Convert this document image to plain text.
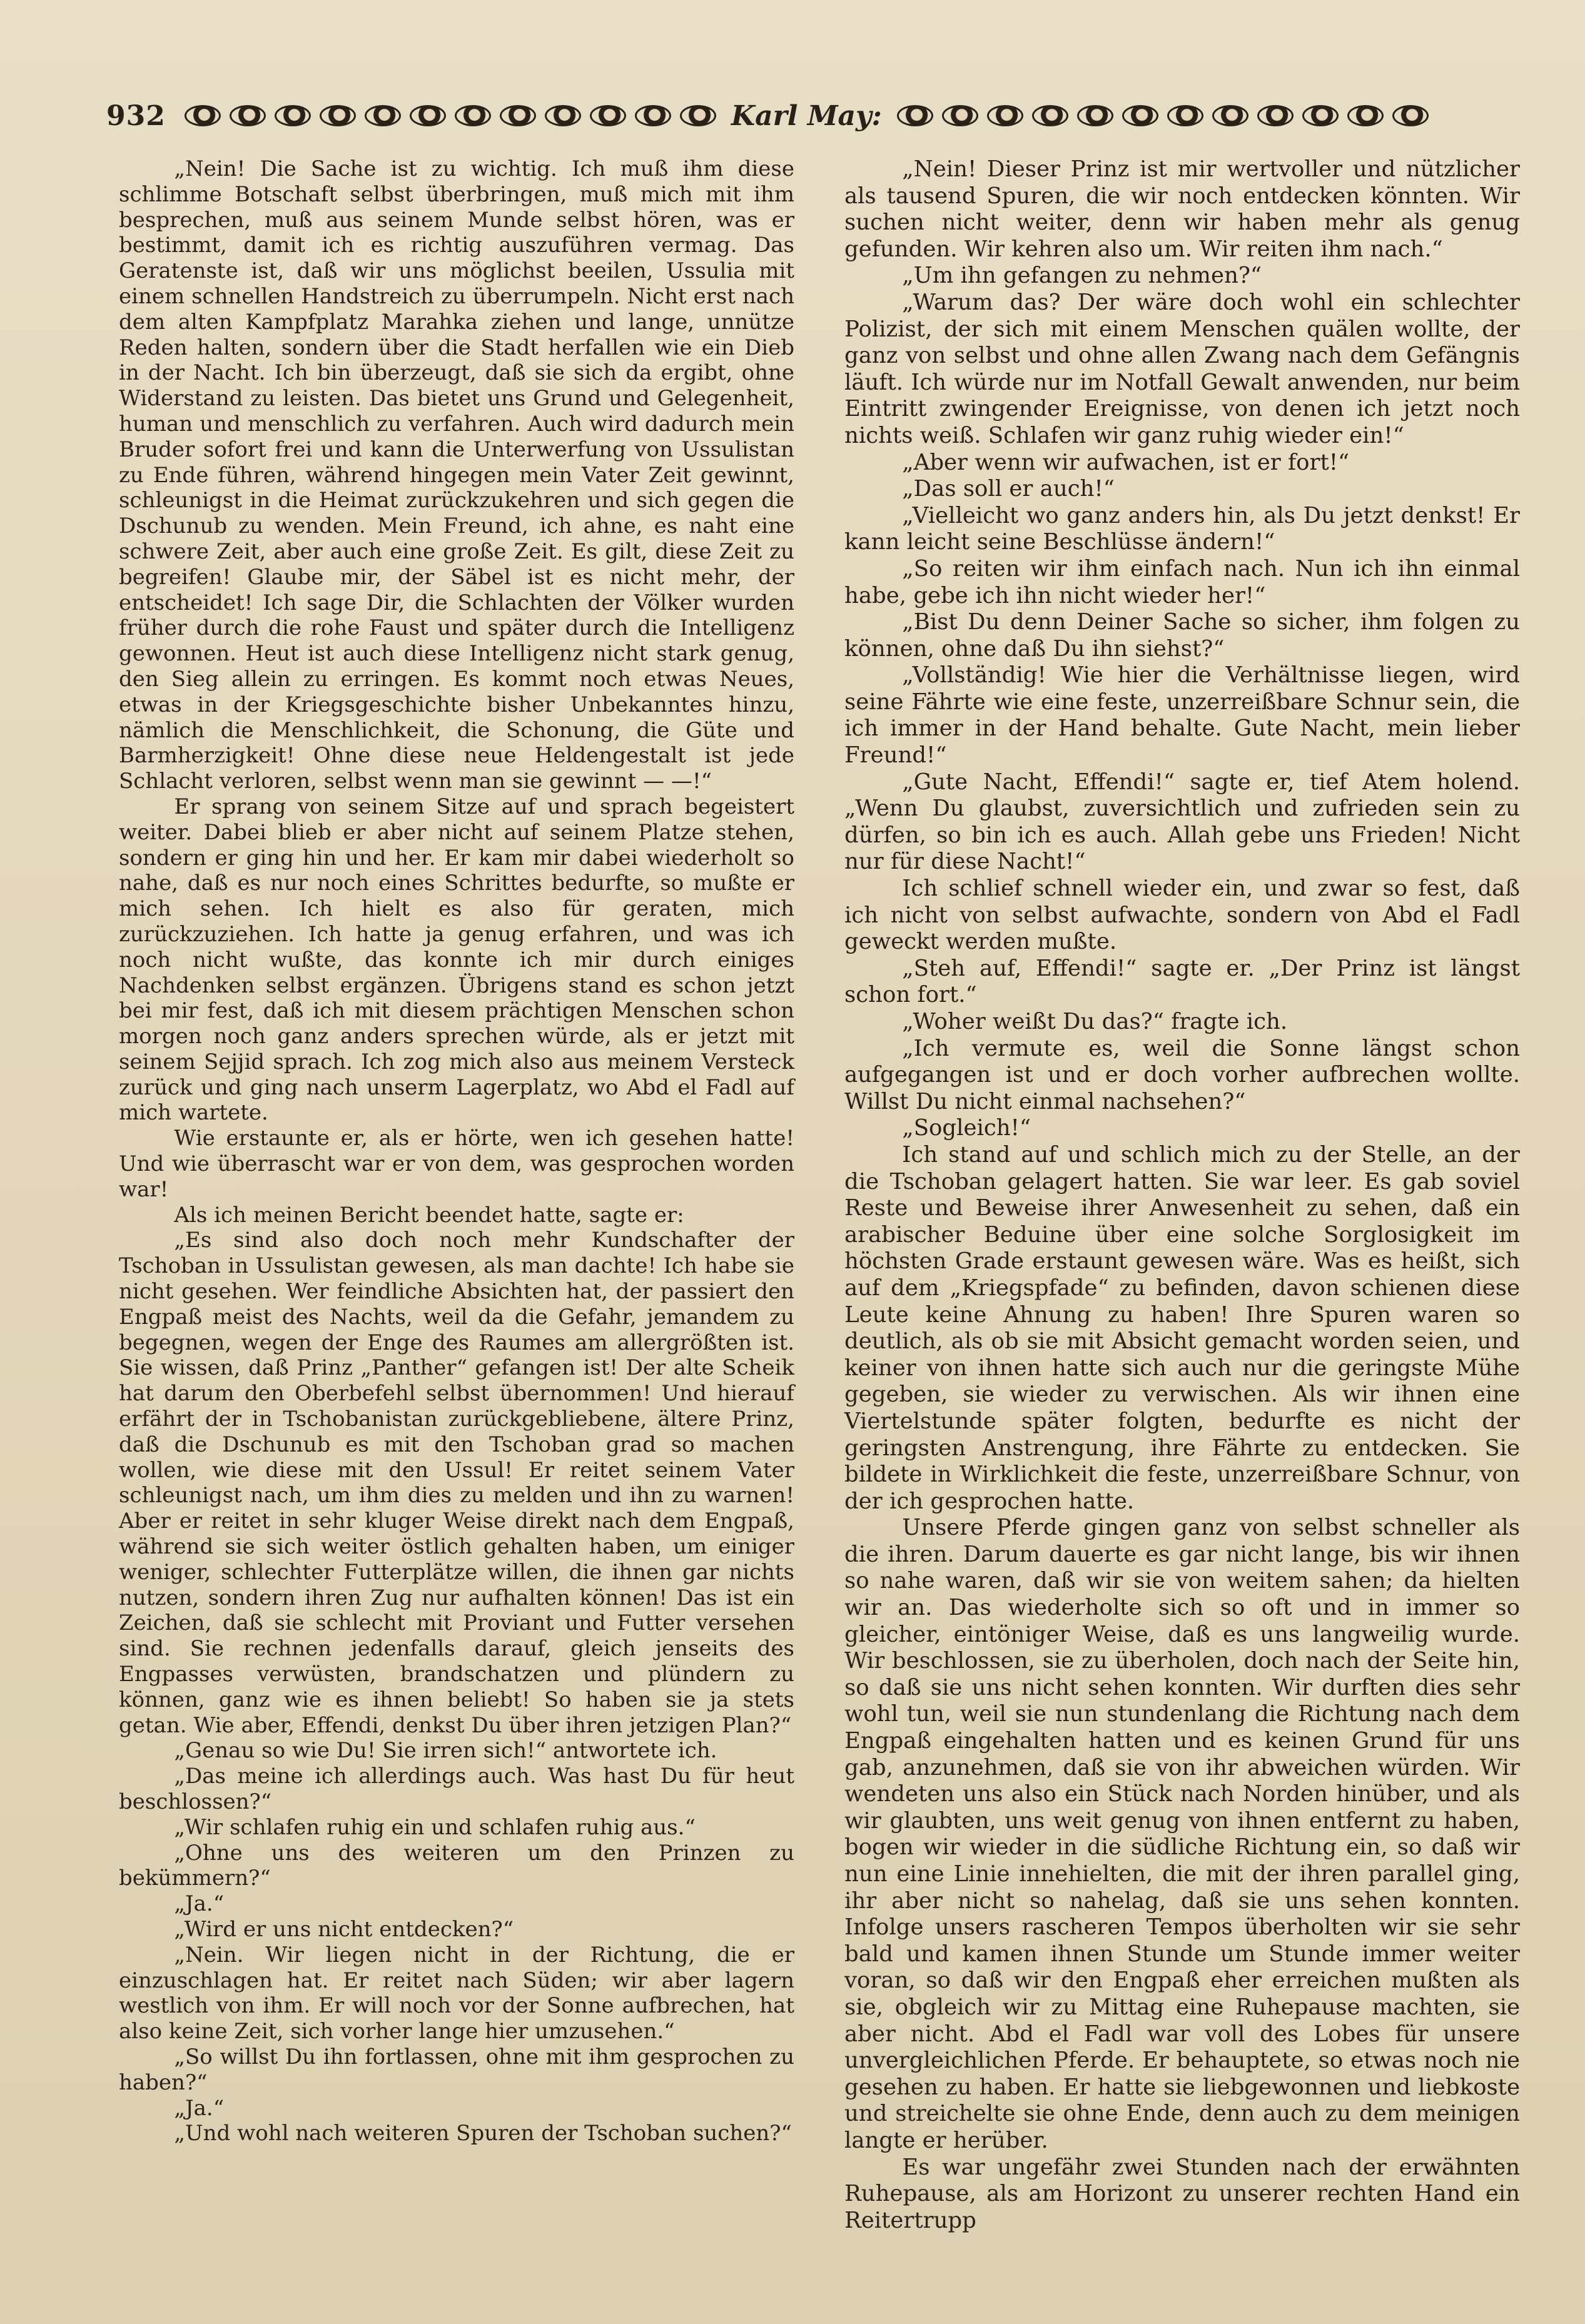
932	Karl May:

„Nein! Die Sache ist zu wichtig. Ich muß ihm diese schlimme Botschaft selbst überbringen, muß mich mit ihm besprechen, muß aus seinem Munde selbst hören, was er bestimmt, damit ich es richtig auszuführen vermag. Das Geratenste ist, daß wir uns möglichst beeilen, Ussulia mit einem schnellen Handstreich zu überrumpeln. Nicht erst nach dem alten Kampfplatz Marahka ziehen und lange, unnütze Reden halten, sondern über die Stadt herfallen wie ein Dieb in der Nacht. Ich bin überzeugt, daß sie sich da ergibt, ohne Widerstand zu leisten. Das bietet uns Grund und Gelegenheit, human und menschlich zu verfahren. Auch wird dadurch mein Bruder sofort frei und kann die Unterwerfung von Ussulistan zu Ende führen, während hingegen mein Vater Zeit gewinnt, schleunigst in die Heimat zurückzukehren und sich gegen die Dschunub zu wenden. Mein Freund, ich ahne, es naht eine schwere Zeit, aber auch eine große Zeit. Es gilt, diese Zeit zu begreifen! Glaube mir, der Säbel ist es nicht mehr, der entscheidet! Ich sage Dir, die Schlachten der Völker wurden früher durch die rohe Faust und später durch die Intelligenz gewonnen. Heut ist auch diese Intelligenz nicht stark genug, den Sieg allein zu erringen. Es kommt noch etwas Neues, etwas in der Kriegsgeschichte bisher Unbekanntes hinzu, nämlich die Menschlichkeit, die Schonung, die Güte und Barmherzigkeit! Ohne diese neue Heldengestalt ist jede Schlacht verloren, selbst wenn man sie gewinnt — —!“

Er sprang von seinem Sitze auf und sprach begeistert weiter. Dabei blieb er aber nicht auf seinem Platze stehen, sondern er ging hin und her. Er kam mir dabei wiederholt so nahe, daß es nur noch eines Schrittes bedurfte, so mußte er mich sehen. Ich hielt es also für geraten, mich zurückzuziehen. Ich hatte ja genug erfahren, und was ich noch nicht wußte, das konnte ich mir durch einiges Nachdenken selbst ergänzen. Übrigens stand es schon jetzt bei mir fest, daß ich mit diesem prächtigen Menschen schon morgen noch ganz anders sprechen würde, als er jetzt mit seinem Sejjid sprach. Ich zog mich also aus meinem Versteck zurück und ging nach unserm Lagerplatz, wo Abd el Fadl auf mich wartete.

Wie erstaunte er, als er hörte, wen ich gesehen hatte! Und wie überrascht war er von dem, was gesprochen worden war!

Als ich meinen Bericht beendet hatte, sagte er:

„Es sind also doch noch mehr Kundschafter der Tschoban in Ussulistan gewesen, als man dachte! Ich habe sie nicht gesehen. Wer feindliche Absichten hat, der passiert den Engpaß meist des Nachts, weil da die Gefahr, jemandem zu begegnen, wegen der Enge des Raumes am allergrößten ist. Sie wissen, daß Prinz „Panther“ gefangen ist! Der alte Scheik hat darum den Oberbefehl selbst übernommen! Und hierauf erfährt der in Tschobanistan zurückgebliebene, ältere Prinz, daß die Dschunub es mit den Tschoban grad so machen wollen, wie diese mit den Ussul! Er reitet seinem Vater schleunigst nach, um ihm dies zu melden und ihn zu warnen! Aber er reitet in sehr kluger Weise direkt nach dem Engpaß, während sie sich weiter östlich gehalten haben, um einiger weniger, schlechter Futterplätze willen, die ihnen gar nichts nutzen, sondern ihren Zug nur aufhalten können! Das ist ein Zeichen, daß sie schlecht mit Proviant und Futter versehen sind. Sie rechnen jedenfalls darauf, gleich jenseits des Engpasses verwüsten, brandschatzen und plündern zu können, ganz wie es ihnen beliebt! So haben sie ja stets getan. Wie aber, Effendi, denkst Du über ihren jetzigen Plan?“

„Genau so wie Du! Sie irren sich!“ antwortete ich.

„Das meine ich allerdings auch. Was hast Du für heut beschlossen?“

„Wir schlafen ruhig ein und schlafen ruhig aus.“

„Ohne uns des weiteren um den Prinzen zu bekümmern?“

„Ja.“

„Wird er uns nicht entdecken?“

„Nein. Wir liegen nicht in der Richtung, die er einzuschlagen hat. Er reitet nach Süden; wir aber lagern westlich von ihm. Er will noch vor der Sonne aufbrechen, hat also keine Zeit, sich vorher lange hier umzusehen.“

„So willst Du ihn fortlassen, ohne mit ihm gesprochen zu haben?“

„Ja.“

„Und wohl nach weiteren Spuren der Tschoban suchen?“

„Nein! Dieser Prinz ist mir wertvoller und nützlicher als tausend Spuren, die wir noch entdecken könnten. Wir suchen nicht weiter, denn wir haben mehr als genug gefunden. Wir kehren also um. Wir reiten ihm nach.“

„Um ihn gefangen zu nehmen?“

„Warum das? Der wäre doch wohl ein schlechter Polizist, der sich mit einem Menschen quälen wollte, der ganz von selbst und ohne allen Zwang nach dem Gefängnis läuft. Ich würde nur im Notfall Gewalt anwenden, nur beim Eintritt zwingender Ereignisse, von denen ich jetzt noch nichts weiß. Schlafen wir ganz ruhig wieder ein!“

„Aber wenn wir aufwachen, ist er fort!“

„Das soll er auch!“

„Vielleicht wo ganz anders hin, als Du jetzt denkst! Er kann leicht seine Beschlüsse ändern!“

„So reiten wir ihm einfach nach. Nun ich ihn einmal habe, gebe ich ihn nicht wieder her!“

„Bist Du denn Deiner Sache so sicher, ihm folgen zu können, ohne daß Du ihn siehst?“

„Vollständig! Wie hier die Verhältnisse liegen, wird seine Fährte wie eine feste, unzerreißbare Schnur sein, die ich immer in der Hand behalte. Gute Nacht, mein lieber Freund!“

„Gute Nacht, Effendi!“ sagte er, tief Atem holend. „Wenn Du glaubst, zuversichtlich und zufrieden sein zu dürfen, so bin ich es auch. Allah gebe uns Frieden! Nicht nur für diese Nacht!“

Ich schlief schnell wieder ein, und zwar so fest, daß ich nicht von selbst aufwachte, sondern von Abd el Fadl geweckt werden mußte.

„Steh auf, Effendi!“ sagte er. „Der Prinz ist längst schon fort.“

„Woher weißt Du das?“ fragte ich.

„Ich vermute es, weil die Sonne längst schon aufgegangen ist und er doch vorher aufbrechen wollte. Willst Du nicht einmal nachsehen?“

„Sogleich!“

Ich stand auf und schlich mich zu der Stelle, an der die Tschoban gelagert hatten. Sie war leer. Es gab soviel Reste und Beweise ihrer Anwesenheit zu sehen, daß ein arabischer Beduine über eine solche Sorglosigkeit im höchsten Grade erstaunt gewesen wäre. Was es heißt, sich auf dem „Kriegspfade“ zu befinden, davon schienen diese Leute keine Ahnung zu haben! Ihre Spuren waren so deutlich, als ob sie mit Absicht gemacht worden seien, und keiner von ihnen hatte sich auch nur die geringste Mühe gegeben, sie wieder zu verwischen. Als wir ihnen eine Viertelstunde später folgten, bedurfte es nicht der geringsten Anstrengung, ihre Fährte zu entdecken. Sie bildete in Wirklichkeit die feste, unzerreißbare Schnur, von der ich gesprochen hatte.

Unsere Pferde gingen ganz von selbst schneller als die ihren. Darum dauerte es gar nicht lange, bis wir ihnen so nahe waren, daß wir sie von weitem sahen; da hielten wir an. Das wiederholte sich so oft und in immer so gleicher, eintöniger Weise, daß es uns langweilig wurde. Wir beschlossen, sie zu überholen, doch nach der Seite hin, so daß sie uns nicht sehen konnten. Wir durften dies sehr wohl tun, weil sie nun stundenlang die Richtung nach dem Engpaß eingehalten hatten und es keinen Grund für uns gab, anzunehmen, daß sie von ihr abweichen würden. Wir wendeten uns also ein Stück nach Norden hinüber, und als wir glaubten, uns weit genug von ihnen entfernt zu haben, bogen wir wieder in die südliche Richtung ein, so daß wir nun eine Linie innehielten, die mit der ihren parallel ging, ihr aber nicht so nahelag, daß sie uns sehen konnten. Infolge unsers rascheren Tempos überholten wir sie sehr bald und kamen ihnen Stunde um Stunde immer weiter voran, so daß wir den Engpaß eher erreichen mußten als sie, obgleich wir zu Mittag eine Ruhepause machten, sie aber nicht. Abd el Fadl war voll des Lobes für unsere unvergleichlichen Pferde. Er behauptete, so etwas noch nie gesehen zu haben. Er hatte sie liebgewonnen und liebkoste und streichelte sie ohne Ende, denn auch zu dem meinigen langte er herüber.

Es war ungefähr zwei Stunden nach der erwähnten Ruhepause, als am Horizont zu unserer rechten Hand ein Reitertrupp
